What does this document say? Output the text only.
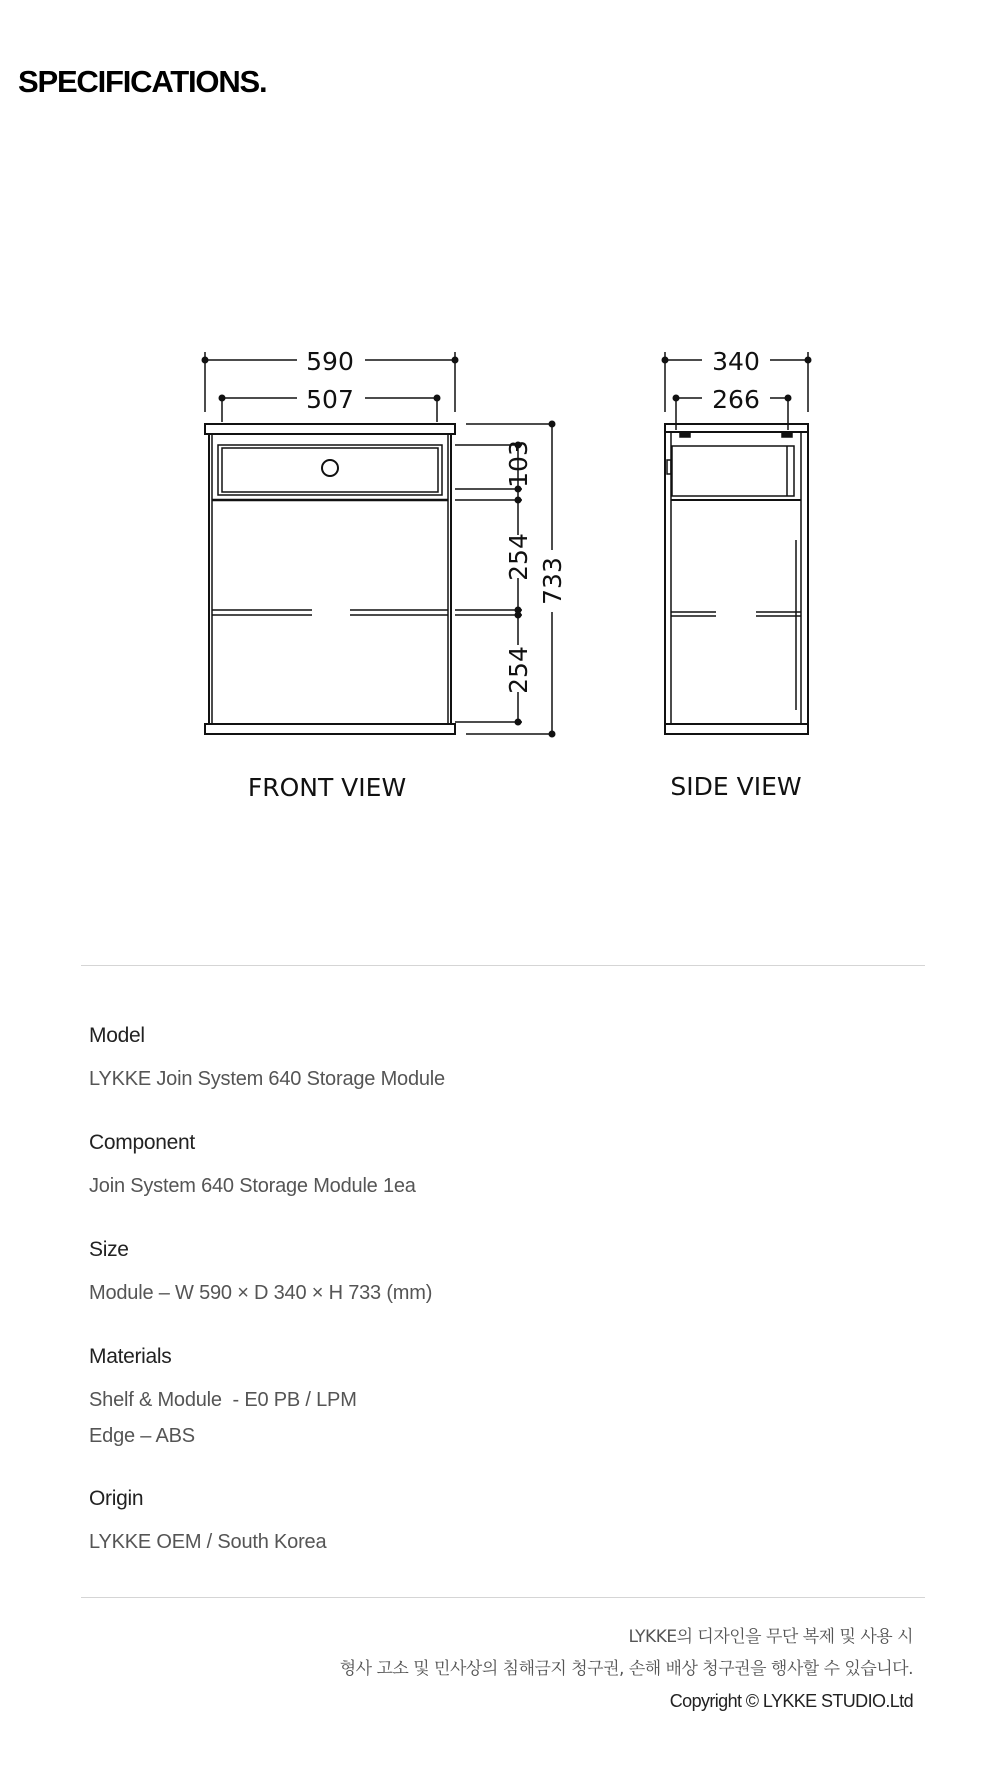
SPECIFICATIONS.
590
507
340
266
103
254
254
733
FRONT VIEW	SIDE VIEW
Model
LYKKE Join System 640 Storage Module
Component
Join System 640 Storage Module 1ea
Size
Module – W 590 × D 340 × H 733 (mm)
Materials
Shelf & Module  - E0 PB / LPM
Edge – ABS
Origin
LYKKE OEM / South Korea
LYKKE의 디자인을 무단 복제 및 사용 시
형사 고소 및 민사상의 침해금지 청구권, 손해 배상 청구권을 행사할 수 있습니다.
Copyright © LYKKE STUDIO.Ltd
